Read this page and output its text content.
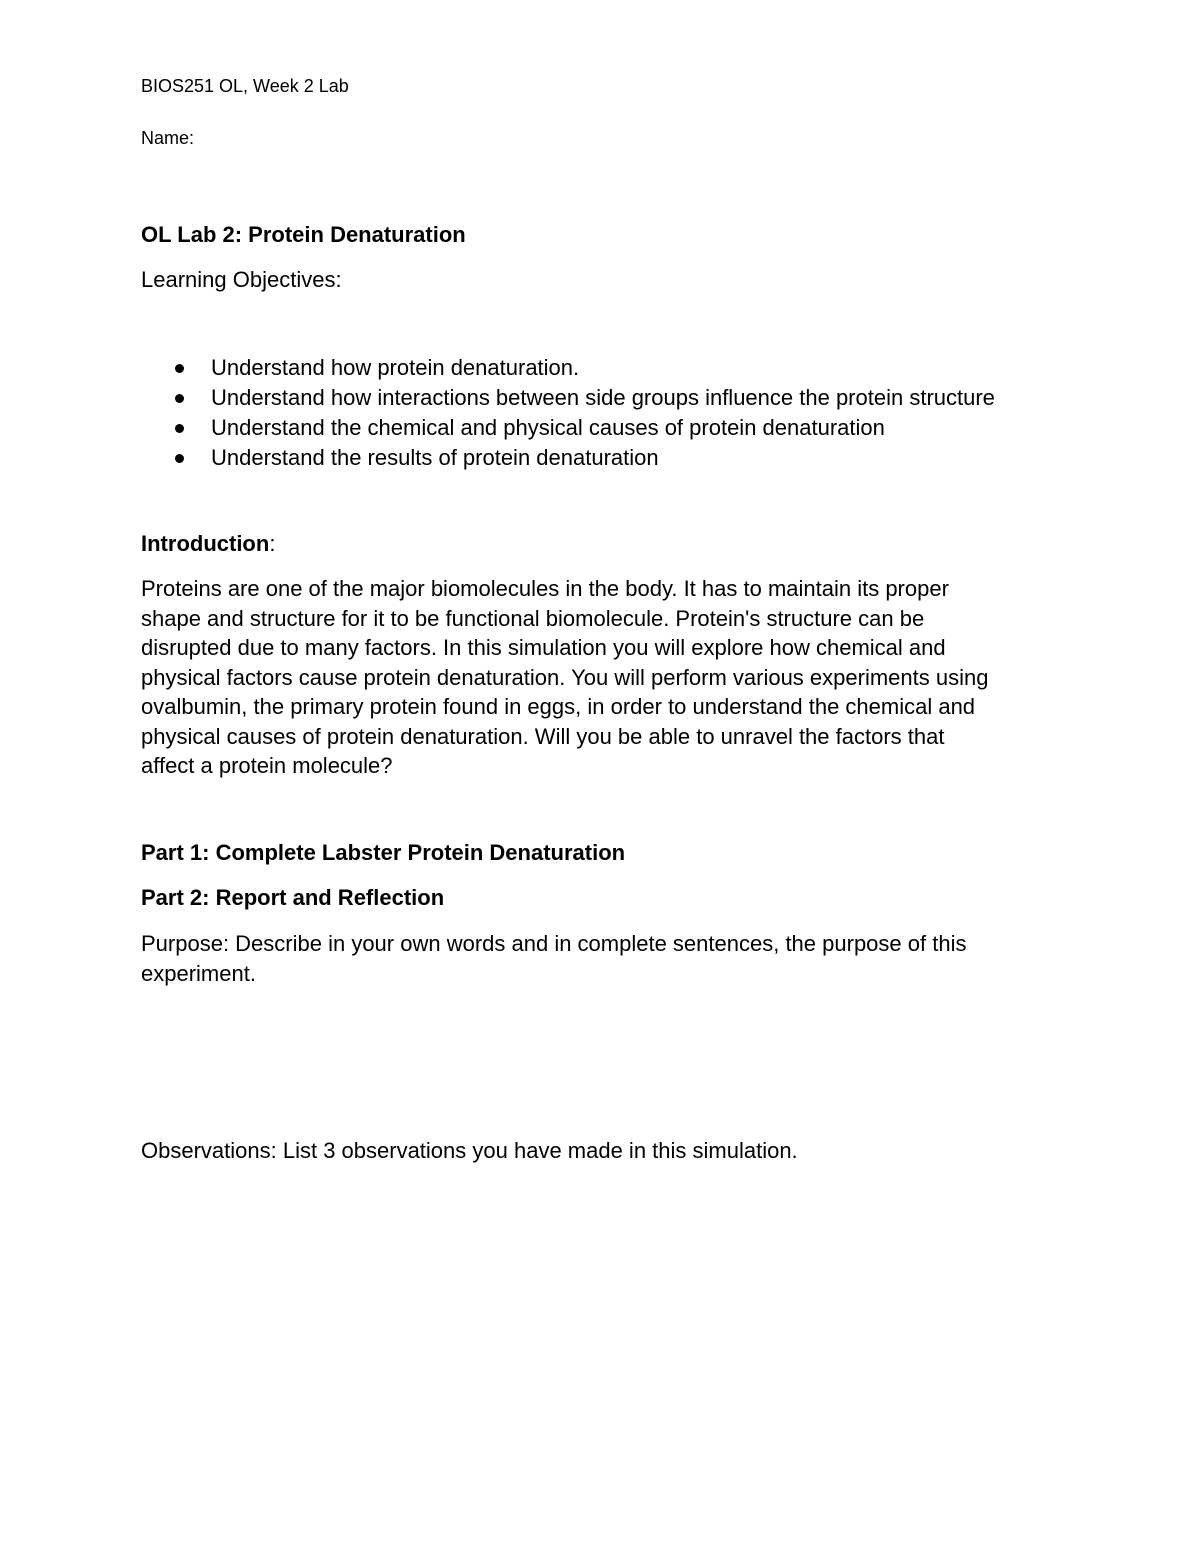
BIOS251 OL, Week 2 Lab
Name:
OL Lab 2: Protein Denaturation
Learning Objectives:
Understand how protein denaturation.
Understand how interactions between side groups influence the protein structure
Understand the chemical and physical causes of protein denaturation
Understand the results of protein denaturation
Introduction:
Proteins are one of the major biomolecules in the body. It has to maintain its proper
shape and structure for it to be functional biomolecule. Protein's structure can be
disrupted due to many factors. In this simulation you will explore how chemical and
physical factors cause protein denaturation. You will perform various experiments using
ovalbumin, the primary protein found in eggs, in order to understand the chemical and
physical causes of protein denaturation. Will you be able to unravel the factors that
affect a protein molecule?
Part 1: Complete Labster Protein Denaturation
Part 2: Report and Reflection
Purpose: Describe in your own words and in complete sentences, the purpose of this
experiment.
Observations: List 3 observations you have made in this simulation.
